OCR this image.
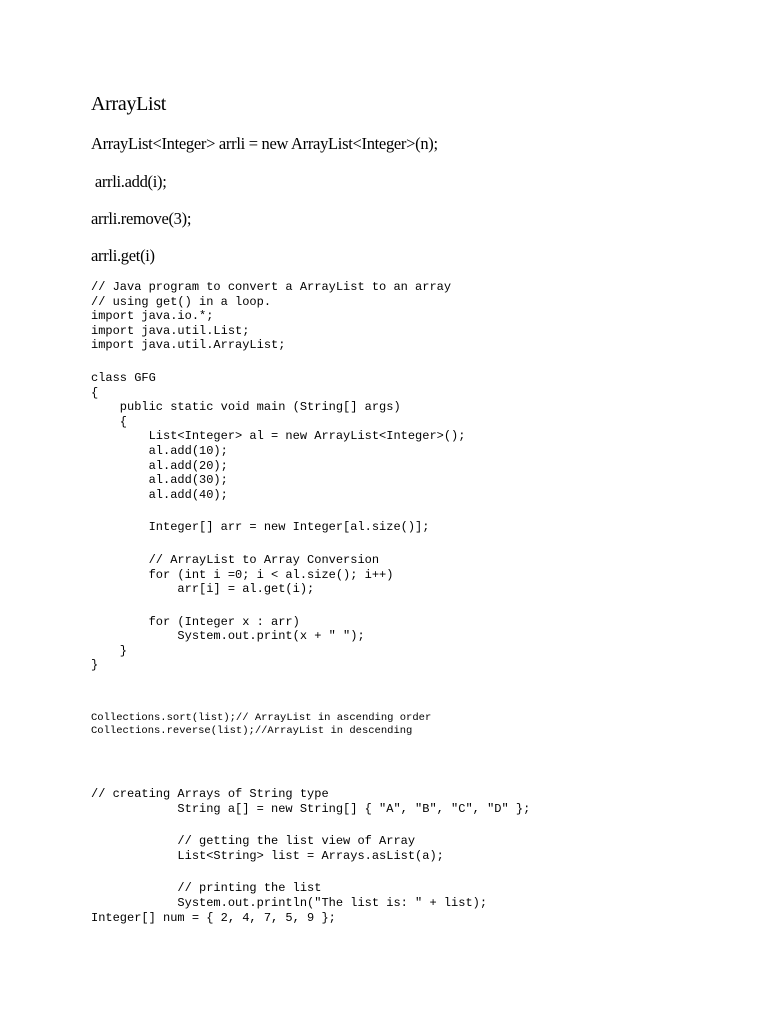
ArrayList
ArrayList<Integer> arrli = new ArrayList<Integer>(n);
arrli.add(i);
arrli.remove(3);
arrli.get(i)
// Java program to convert a ArrayList to an array
// using get() in a loop.
import java.io.*;
import java.util.List;
import java.util.ArrayList;
class GFG
{
public static void main (String[] args)
{
List<Integer> al = new ArrayList<Integer>();
al.add(10);
al.add(20);
al.add(30);
al.add(40);
Integer[] arr = new Integer[al.size()];
// ArrayList to Array Conversion
for (int i =0; i < al.size(); i++)
arr[i] = al.get(i);
for (Integer x : arr)
System.out.print(x + " ");
}
}
Collections.sort(list);// ArrayList in ascending order
Collections.reverse(list);//ArrayList in descending
// creating Arrays of String type
String a[] = new String[] { "A", "B", "C", "D" };
// getting the list view of Array
List<String> list = Arrays.asList(a);
// printing the list
System.out.println("The list is: " + list);
Integer[] num = { 2, 4, 7, 5, 9 };
